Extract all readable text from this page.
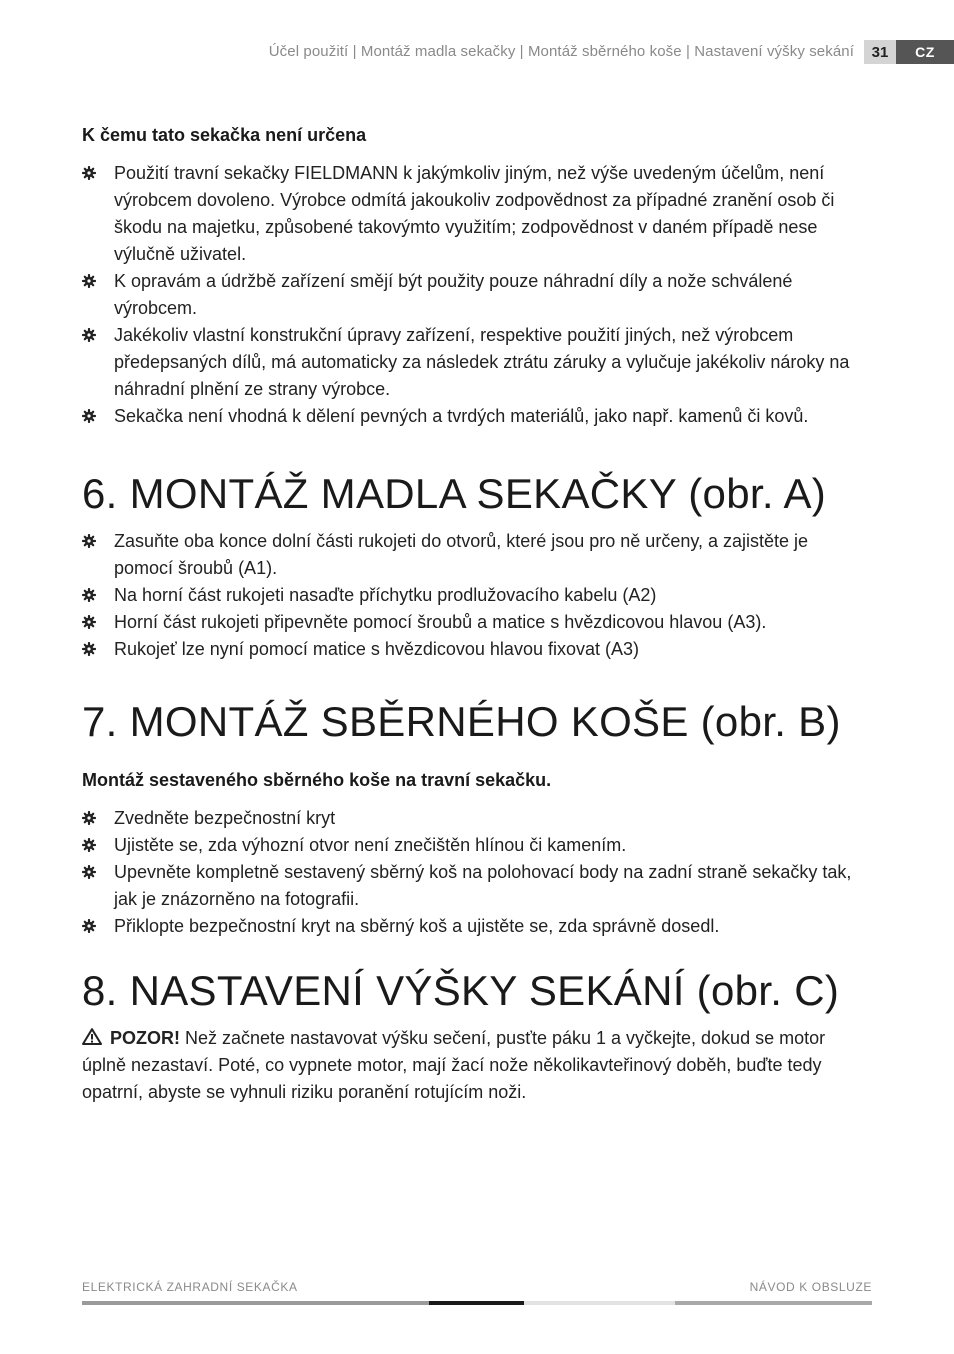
Účel použití | Montáž madla sekačky | Montáž sběrného koše | Nastavení výšky sekání	31	CZ

K čemu tato sekačka není určena

Použití travní sekačky FIELDMANN k jakýmkoliv jiným, než výše uvedeným účelům, není výrobcem dovoleno. Výrobce odmítá jakoukoliv zodpovědnost za případné zranění osob či škodu na majetku, způsobené takovýmto využitím; zodpovědnost v daném případě nese výlučně uživatel.
K opravám a údržbě zařízení smějí být použity pouze náhradní díly a nože schválené výrobcem.
Jakékoliv vlastní konstrukční úpravy zařízení, respektive použití jiných, než výrobcem předepsaných dílů, má automaticky za následek ztrátu záruky a vylučuje jakékoliv nároky na náhradní plnění ze strany výrobce.
Sekačka není vhodná k dělení pevných a tvrdých materiálů, jako např. kamenů či kovů.
6. MONTÁŽ MADLA SEKAČKY (obr. A)
Zasuňte oba konce dolní části rukojeti do otvorů, které jsou pro ně určeny, a zajistěte je pomocí šroubů (A1).
Na horní část rukojeti nasaďte příchytku prodlužovacího kabelu (A2)
Horní část rukojeti připevněte pomocí šroubů a matice s hvězdicovou hlavou (A3).
Rukojeť lze nyní pomocí matice s hvězdicovou hlavou fixovat (A3)
7. MONTÁŽ SBĚRNÉHO KOŠE (obr. B)

Montáž sestaveného sběrného koše na travní sekačku.

Zvedněte bezpečnostní kryt
Ujistěte se, zda výhozní otvor není znečištěn hlínou či kamením.
Upevněte kompletně sestavený sběrný koš na polohovací body na zadní straně sekačky tak, jak je znázorněno na fotografii.
Přiklopte bezpečnostní kryt na sběrný koš a ujistěte se, zda správně dosedl.
8. NASTAVENÍ VÝŠKY SEKÁNÍ (obr. C)

POZOR! Než začnete nastavovat výšku sečení, pusťte páku 1 a vyčkejte, dokud se motor úplně nezastaví. Poté, co vypnete motor, mají žací nože několikavteřinový doběh, buďte tedy opatrní, abyste se vyhnuli riziku poranění rotujícím noži.

ELEKTRICKÁ ZAHRADNÍ SEKAČKA	NÁVOD K OBSLUZE
